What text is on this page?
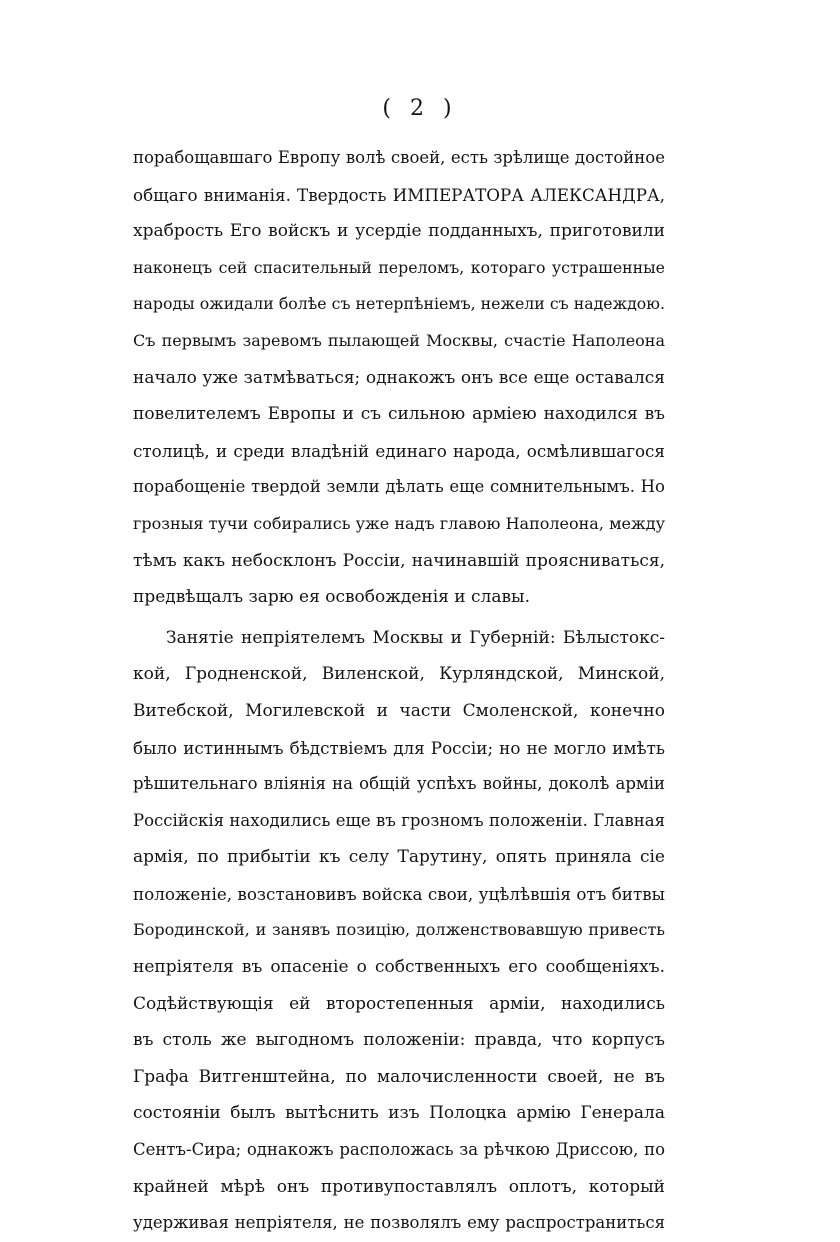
( 2 )
порабощавшаго Европу волѣ своей, есть зрѣлище достойное
общаго вниманія. Твердость ИМПЕРАТОРА АЛЕКСАНДРА,
храбрость Его войскъ и усердіе подданныхъ, приготовили
наконецъ сей спасительный переломъ, котораго устрашенные
народы ожидали болѣе съ нетерпѣніемъ, нежели съ надеждою.
Съ первымъ заревомъ пылающей Москвы, счастіе Наполеона
начало уже затмѣваться; однакожъ онъ все еще оставался
повелителемъ Европы и съ сильною арміею находился въ
столицѣ, и среди владѣній единаго народа, осмѣлившагося
порабощеніе твердой земли дѣлать еще сомнительнымъ. Но
грозныя тучи собирались уже надъ главою Наполеона, между
тѣмъ какъ небосклонъ Россіи, начинавшій проясниваться,
предвѣщалъ зарю ея освобожденія и славы.
Занятіе непріятелемъ Москвы и Губерній: Бѣлыстокс-
кой, Гродненской, Виленской, Курляндской, Минской,
Витебской, Могилевской и части Смоленской, конечно
было истиннымъ бѣдствіемъ для Россіи; но не могло имѣть
рѣшительнаго вліянія на общій успѣхъ войны, доколѣ арміи
Россійскія находились еще въ грозномъ положеніи. Главная
армія, по прибытіи къ селу Тарутину, опять приняла сіе
положеніе, возстановивъ войска свои, уцѣлѣвшія отъ битвы
Бородинской, и занявъ позицію, долженствовавшую привесть
непріятеля въ опасеніе о собственныхъ его сообщеніяхъ.
Содѣйствующія ей второстепенныя арміи, находились
въ столь же выгодномъ положеніи: правда, что корпусъ
Графа Витгенштейна, по малочисленности своей, не въ
состояніи былъ вытѣснить изъ Полоцка армію Генерала
Сентъ-Сира; однакожъ расположась за рѣчкою Дриссою, по
крайней мѣрѣ онъ противупоставлялъ оплотъ, который
удерживая непріятеля, не позволялъ ему распространиться
